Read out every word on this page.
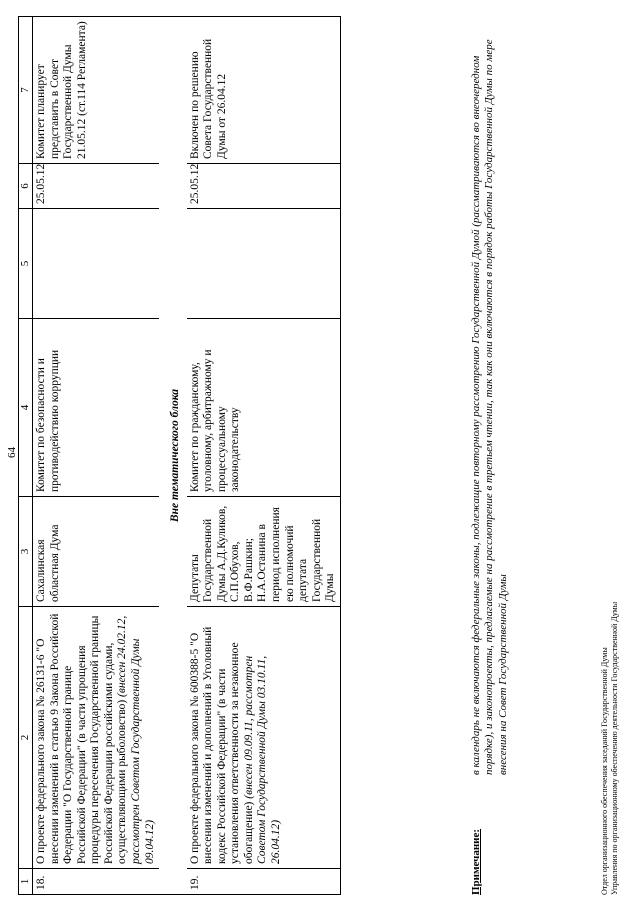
64
1	2	3	4	5	6	7
18.	О проекте федерального закона № 26131-6 "О внесении изменений в статью 9 Закона Российской Федерации "О Государственной границе Российской Федерации" (в части упрощения процедуры пересечения Государственной границы Российской Федерации российскими судами, осуществляющими рыболовство) (внесен 24.02.12, рассмотрен Советом Государственной Думы 09.04.12)	Сахалинская областная Дума	Комитет по безопасности и противодействию коррупции		25.05.12	Комитет планирует представить в Совет Государственной Думы 21.05.12 (ст.114 Регламента)
Вне тематического блока						
19.	О проекте федерального закона № 600388-5 "О внесении изменений и дополнений в Уголовный кодекс Российской Федерации" (в части установления ответственности за незаконное обогащение) (внесен 09.09.11, рассмотрен Советом Государственной Думы 03.10.11, 26.04.12)	Депутаты Государственной Думы А.Д.Куликов, С.П.Обухов, В.Ф.Рашкин; Н.А.Останина в период исполнения ею полномочий депутата Государственной Думы	Комитет по гражданскому, уголовному, арбитражному и процессуальному законодательству		25.05.12	Включен по решению Совета Государственной Думы от 26.04.12
Примечание:
в календарь не включаются федеральные законы, подлежащие повторному рассмотрению Государственной Думой (рассматриваются во внеочередном порядке), и законопроекты, предлагаемые на рассмотрение в третьем чтении, так как они включаются в порядок работы Государственной Думы по мере внесения на Совет Государственной Думы	Отдел организационного обеспечения заседаний Государственной Думы Управления по организационному обеспечению деятельности Государственной Думы
